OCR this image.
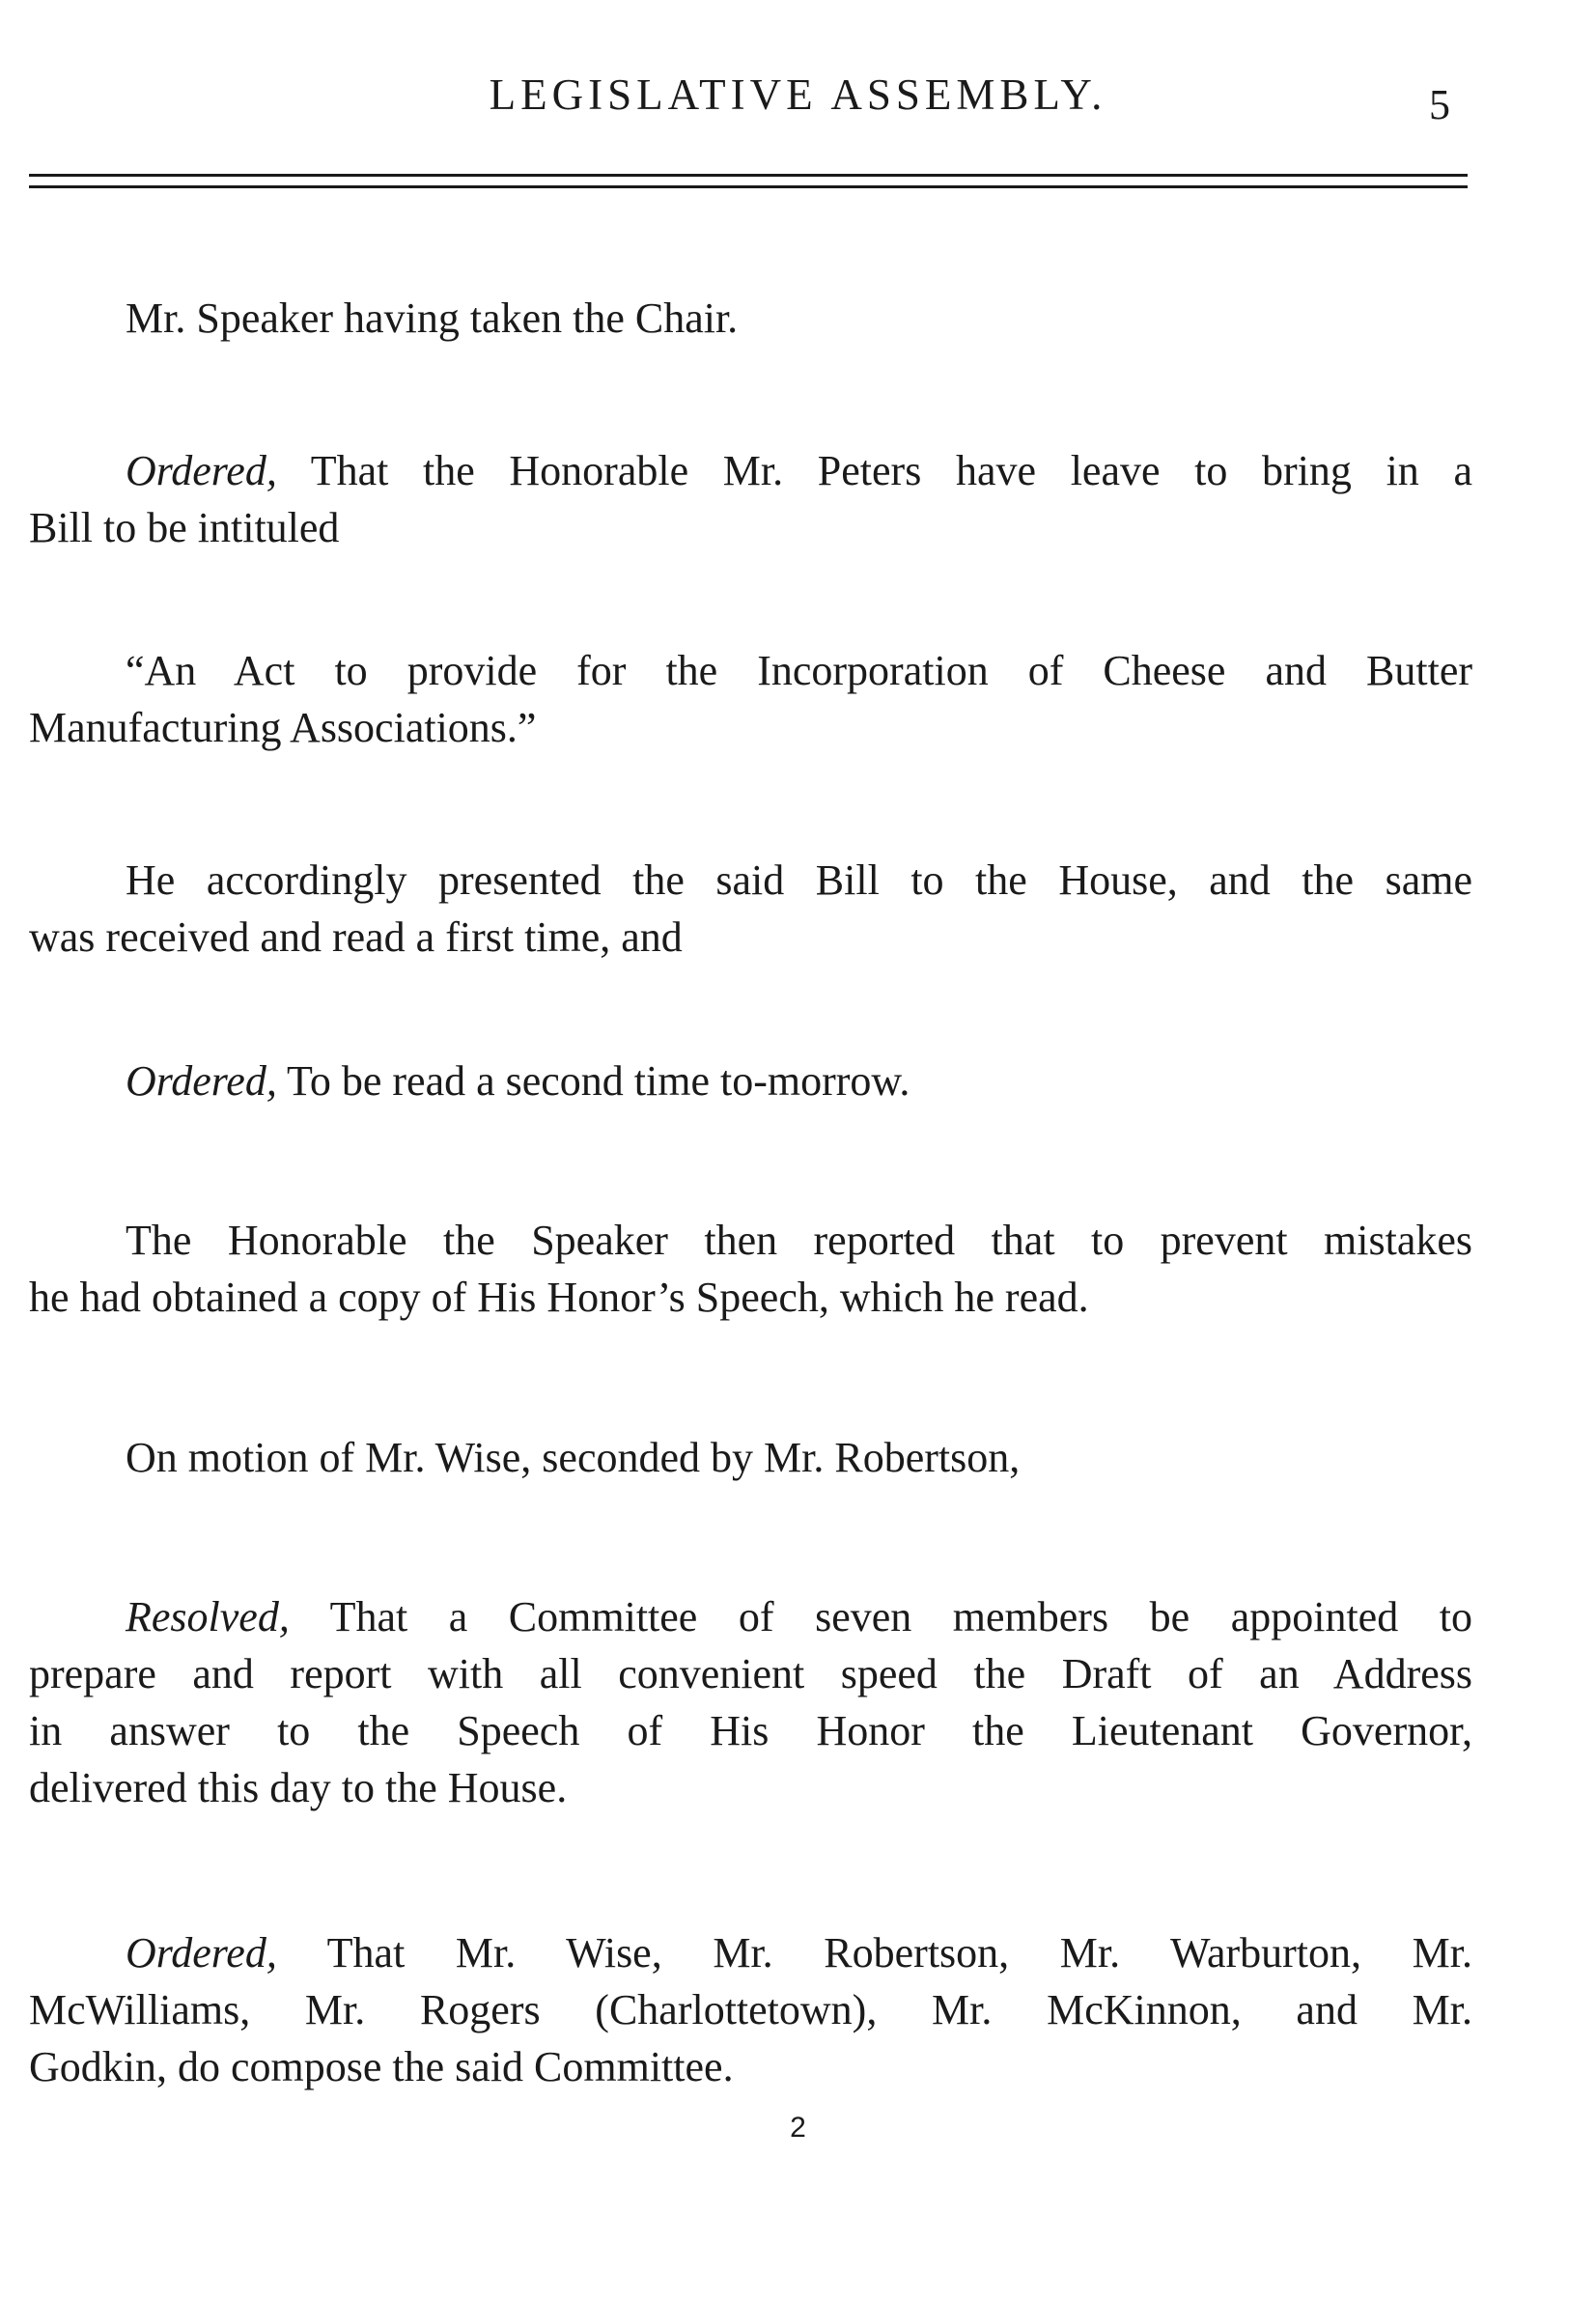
LEGISLATIVE ASSEMBLY.	5

Mr. Speaker having taken the Chair.

Ordered, That the Honorable Mr. Peters have leave to bring in a
Bill to be intituled

“An Act to provide for the Incorporation of Cheese and Butter
Manufacturing Associations.”

He accordingly presented the said Bill to the House, and the same
was received and read a first time, and

Ordered, To be read a second time to-morrow.

The Honorable the Speaker then reported that to prevent mistakes
he had obtained a copy of His Honor’s Speech, which he read.

On motion of Mr. Wise, seconded by Mr. Robertson,

Resolved, That a Committee of seven members be appointed to
prepare and report with all convenient speed the Draft of an Address
in answer to the Speech of His Honor the Lieutenant Governor,
delivered this day to the House.

Ordered, That Mr. Wise, Mr. Robertson, Mr. Warburton, Mr.
McWilliams, Mr. Rogers (Charlottetown), Mr. McKinnon, and Mr.
Godkin, do compose the said Committee.

2
